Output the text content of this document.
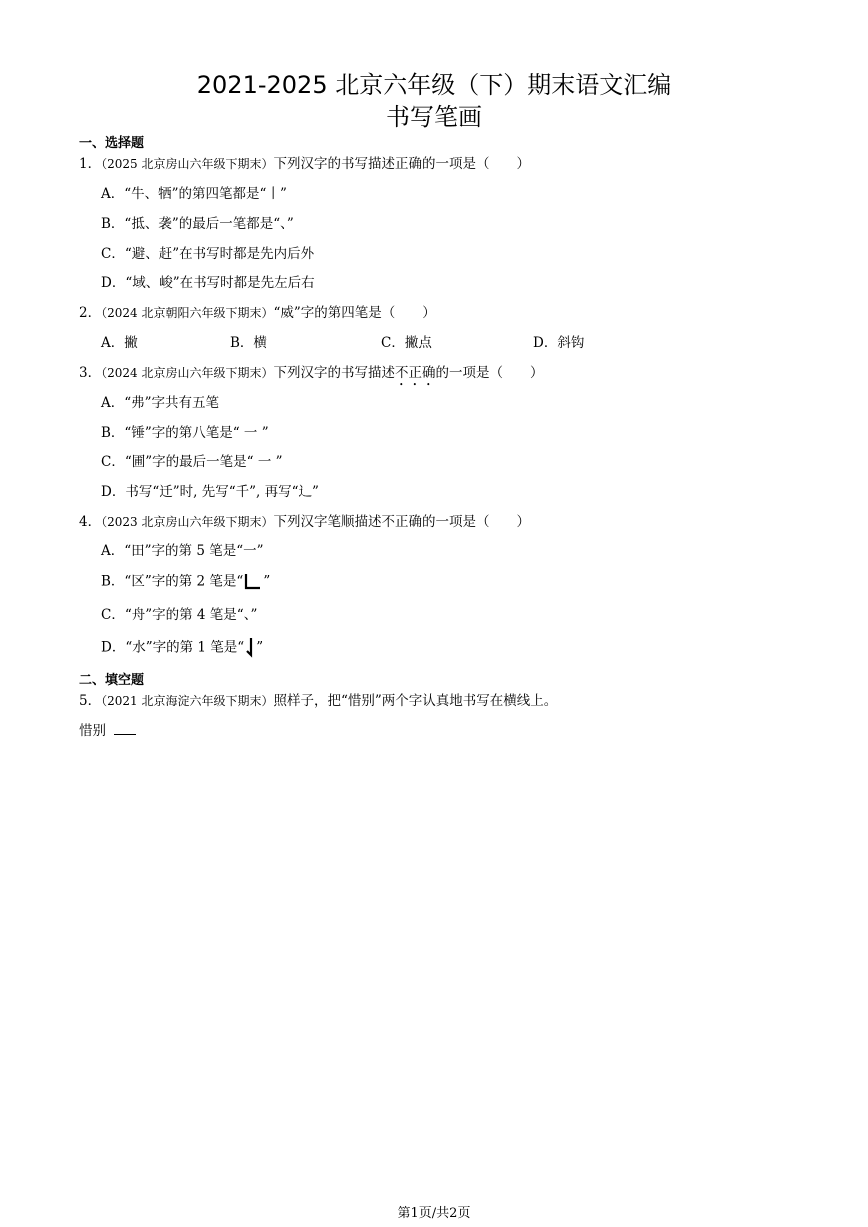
2021-2025 北京六年级（下）期末语文汇编
书写笔画
一、选择题
1．（2025 北京房山六年级下期末）下列汉字的书写描述正确的一项是（　　）
A．“牛、牺”的第四笔都是“丨”
B．“抵、袭”的最后一笔都是“、”
C．“避、赶”在书写时都是先内后外
D．“域、峻”在书写时都是先左后右
2．（2024 北京朝阳六年级下期末）“威”字的第四笔是（　　）
A．撇	B．横	C．撇点	D．斜钩
3．（2024 北京房山六年级下期末）下列汉字的书写描述不正确的一项是（　　）
A．“弗”字共有五笔
B．“锤”字的第八笔是“ 一 ”
C．“圃”字的最后一笔是“ 一 ”
D．书写“迁”时, 先写“千”, 再写“辶”
4．（2023 北京房山六年级下期末）下列汉字笔顺描述不正确的一项是（　　）
A．“田”字的第 5 笔是“一”
B．“区”字的第 2 笔是“ ”
C．“舟”字的第 4 笔是“、”
D．“水”字的第 1 笔是“ ”
二、填空题
5．（2021 北京海淀六年级下期末）照样子，把“惜别”两个字认真地书写在横线上。
惜别
第1页/共2页
